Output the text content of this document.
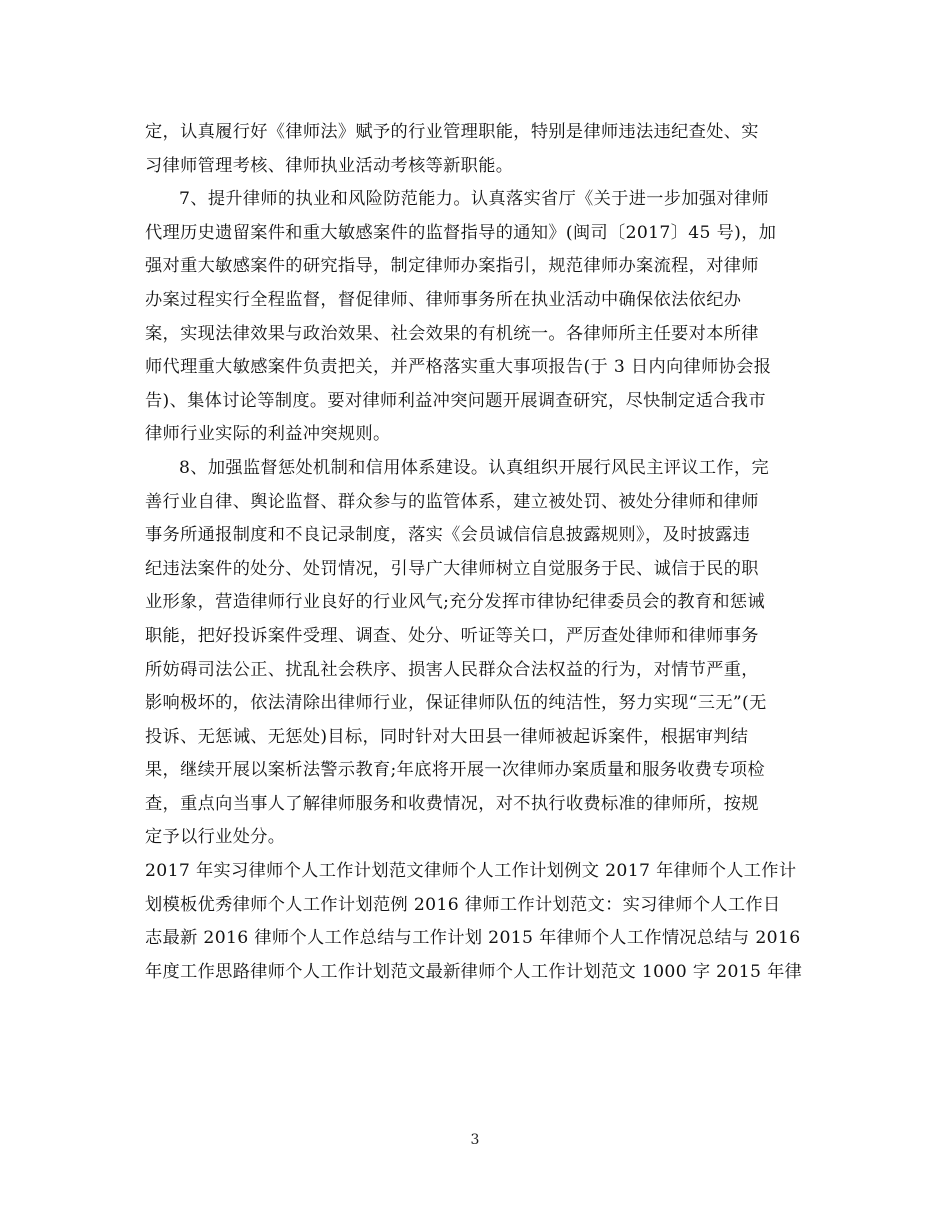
定，认真履行好《律师法》赋予的行业管理职能，特别是律师违法违纪查处、实
习律师管理考核、律师执业活动考核等新职能。
7、提升律师的执业和风险防范能力。认真落实省厅《关于进一步加强对律师
代理历史遗留案件和重大敏感案件的监督指导的通知》(闽司〔2017〕45 号)，加
强对重大敏感案件的研究指导，制定律师办案指引，规范律师办案流程，对律师
办案过程实行全程监督，督促律师、律师事务所在执业活动中确保依法依纪办
案，实现法律效果与政治效果、社会效果的有机统一。各律师所主任要对本所律
师代理重大敏感案件负责把关，并严格落实重大事项报告(于 3 日内向律师协会报
告)、集体讨论等制度。要对律师利益冲突问题开展调查研究，尽快制定适合我市
律师行业实际的利益冲突规则。
8、加强监督惩处机制和信用体系建设。认真组织开展行风民主评议工作，完
善行业自律、舆论监督、群众参与的监管体系，建立被处罚、被处分律师和律师
事务所通报制度和不良记录制度，落实《会员诚信信息披露规则》，及时披露违
纪违法案件的处分、处罚情况，引导广大律师树立自觉服务于民、诚信于民的职
业形象，营造律师行业良好的行业风气;充分发挥市律协纪律委员会的教育和惩诫
职能，把好投诉案件受理、调查、处分、听证等关口，严厉查处律师和律师事务
所妨碍司法公正、扰乱社会秩序、损害人民群众合法权益的行为，对情节严重，
影响极坏的，依法清除出律师行业，保证律师队伍的纯洁性，努力实现“三无”(无
投诉、无惩诫、无惩处)目标，同时针对大田县一律师被起诉案件，根据审判结
果，继续开展以案析法警示教育;年底将开展一次律师办案质量和服务收费专项检
查，重点向当事人了解律师服务和收费情况，对不执行收费标准的律师所，按规
定予以行业处分。
2017 年实习律师个人工作计划范文律师个人工作计划例文 2017 年律师个人工作计
划模板优秀律师个人工作计划范例 2016 律师工作计划范文：实习律师个人工作日
志最新 2016 律师个人工作总结与工作计划 2015 年律师个人工作情况总结与 2016
年度工作思路律师个人工作计划范文最新律师个人工作计划范文 1000 字 2015 年律
3
